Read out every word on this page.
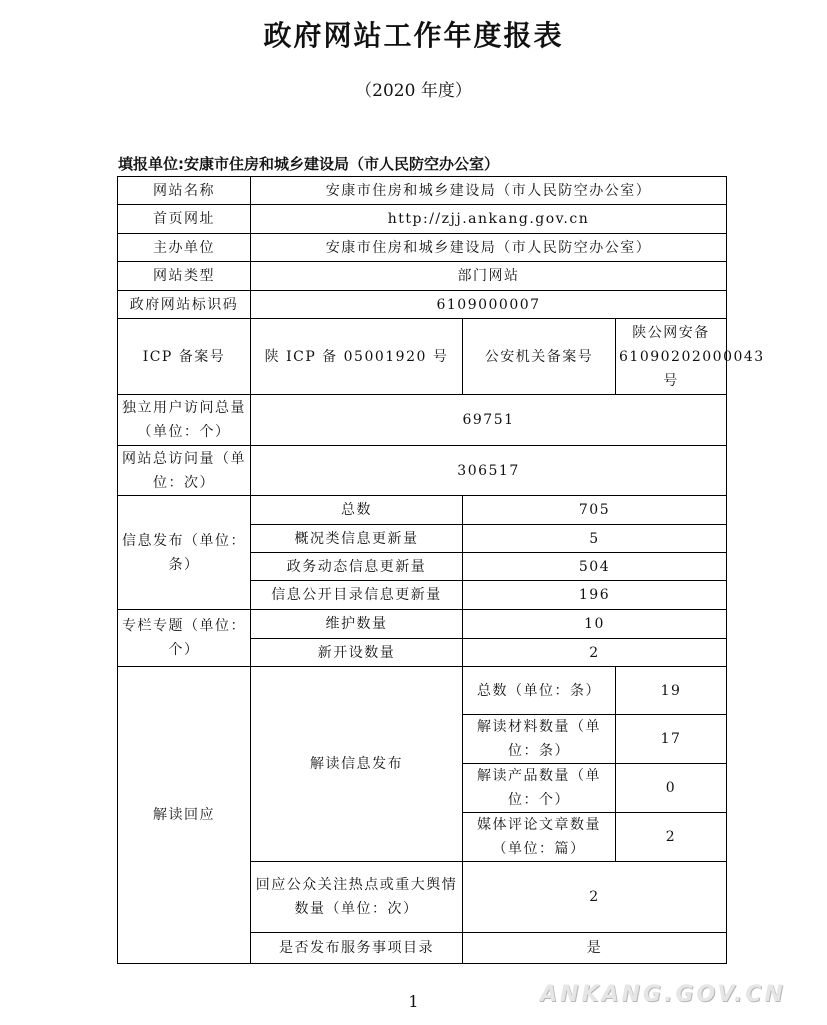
政府网站工作年度报表
（2020 年度）
填报单位:安康市住房和城乡建设局（市人民防空办公室）
网站名称	安康市住房和城乡建设局（市人民防空办公室）		
首页网址	http://zjj.ankang.gov.cn		
主办单位	安康市住房和城乡建设局（市人民防空办公室）		
网站类型	部门网站		
政府网站标识码	6109000007		
ICP 备案号	陕 ICP 备 05001920 号	公安机关备案号	陕公网安备 61090202000043 号
独立用户访问总量（单位：个）	69751		
网站总访问量（单位：次）	306517		
信息发布（单位：条）	总数	705	
	概况类信息更新量	5	
	政务动态信息更新量	504	
	信息公开目录信息更新量	196	
专栏专题（单位：个）	维护数量	10	
	新开设数量	2	
解读回应	解读信息发布	总数（单位：条）	19
		解读材料数量（单位：条）	17
		解读产品数量（单位：个）	0
		媒体评论文章数量（单位：篇）	2
	回应公众关注热点或重大舆情数量（单位：次）	2	
	是否发布服务事项目录	是	
1	ANKANG.GOV.CN
